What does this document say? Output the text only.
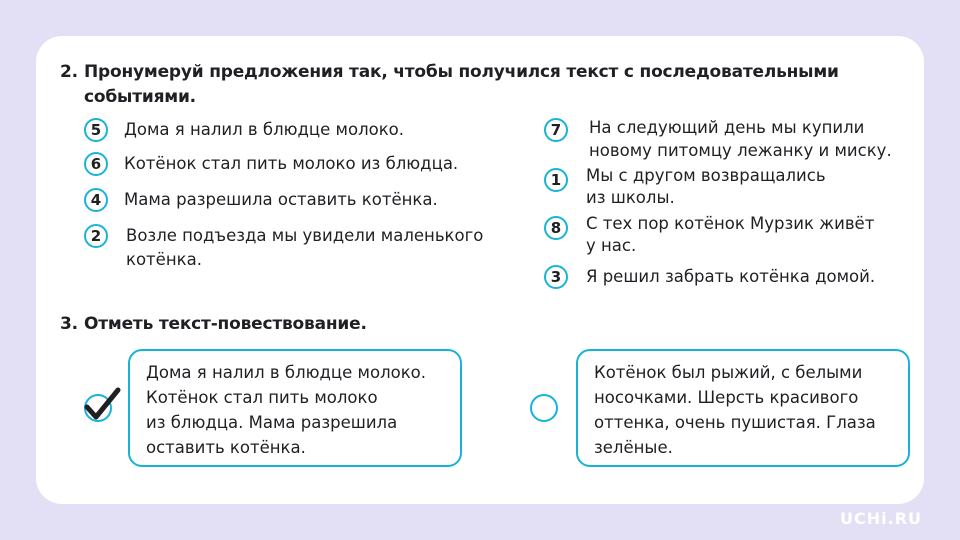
2. Пронумеруй предложения так, чтобы получился текст с последовательными
событиями.
5	Дома я налил в блюдце молоко.
6	Котёнок стал пить молоко из блюдца.
4	Мама разрешила оставить котёнка.
2	Возле подъезда мы увидели маленького
котёнка.
7	На следующий день мы купили
новому питомцу лежанку и миску.
1	Мы с другом возвращались
из школы.
8	С тех пор котёнок Мурзик живёт
у нас.
3	Я решил забрать котёнка домой.
3. Отметь текст-повествование.
Дома я налил в блюдце молоко.
Котёнок стал пить молоко
из блюдца. Мама разрешила
оставить котёнка.
Котёнок был рыжий, с белыми
носочками. Шерсть красивого
оттенка, очень пушистая. Глаза
зелёные.
UCHi.RU
